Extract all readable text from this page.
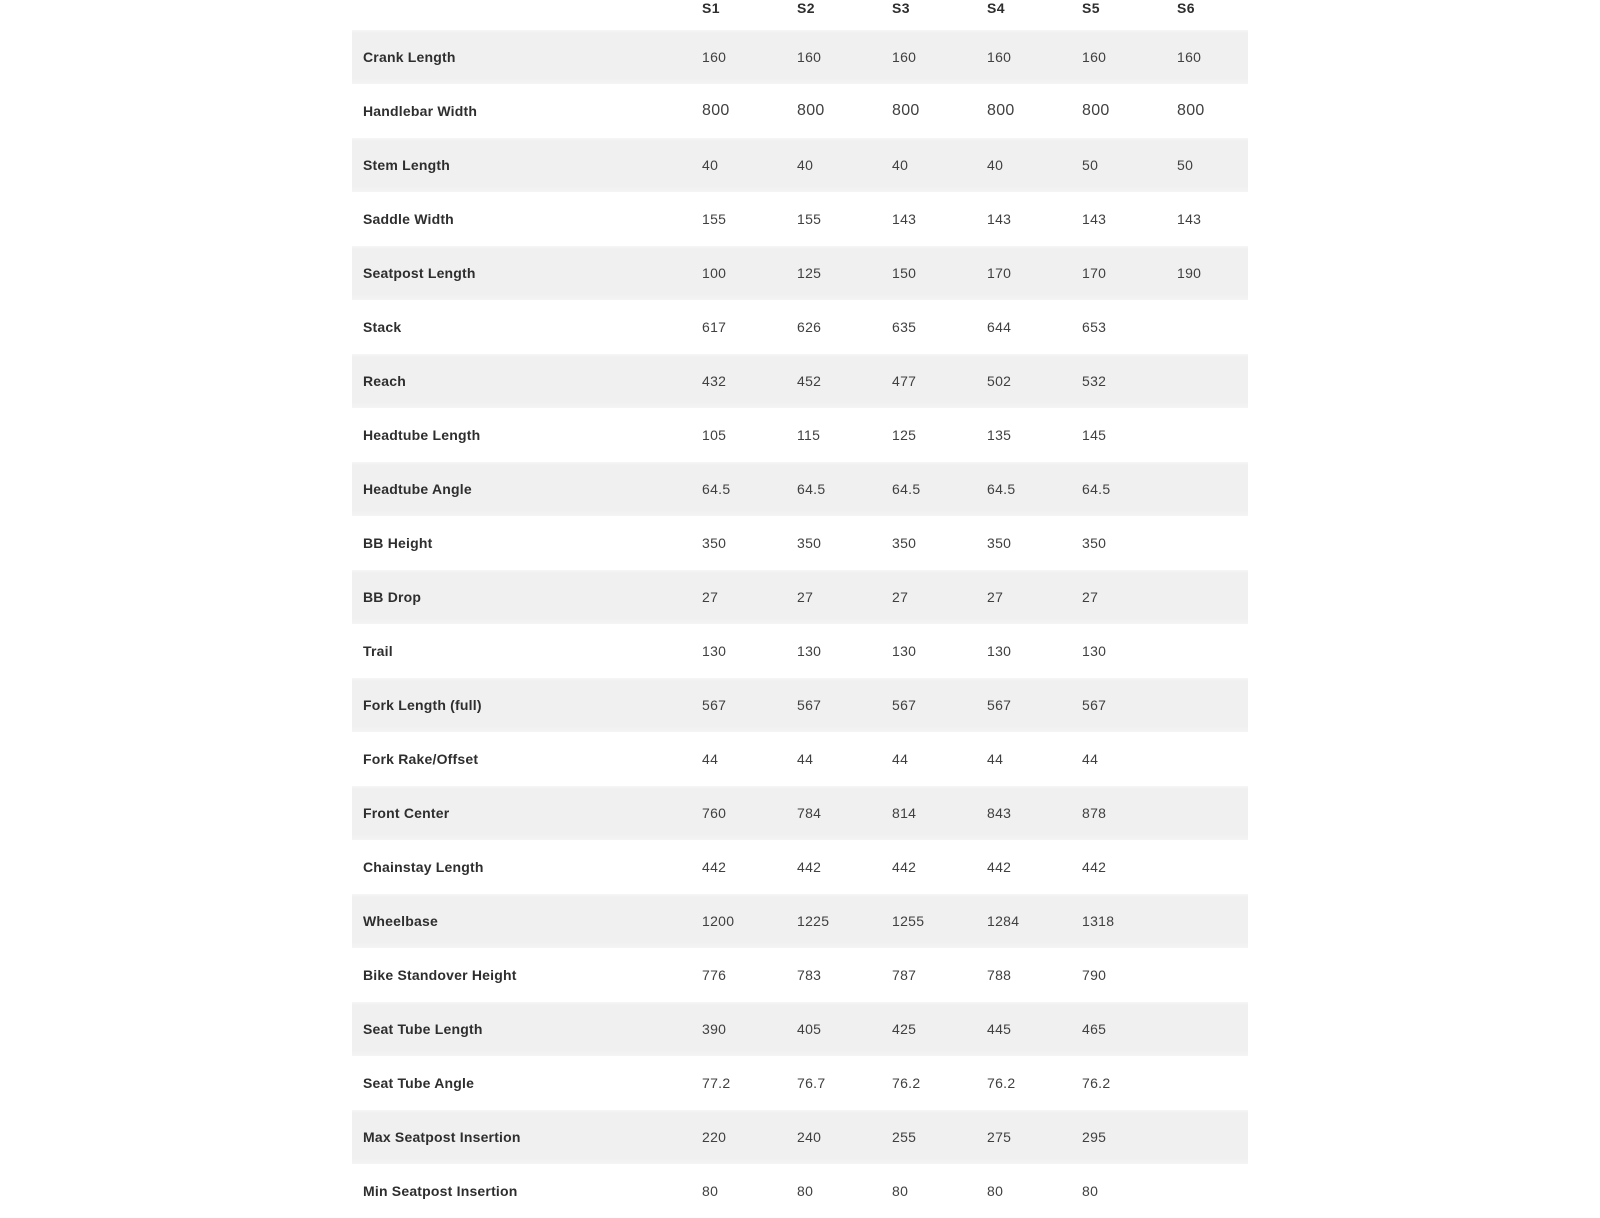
S1	S2	S3	S4	S5	S6
Crank Length	160	160	160	160	160	160
Handlebar Width	800	800	800	800	800	800
Stem Length	40	40	40	40	50	50
Saddle Width	155	155	143	143	143	143
Seatpost Length	100	125	150	170	170	190
Stack	617	626	635	644	653
Reach	432	452	477	502	532
Headtube Length	105	115	125	135	145
Headtube Angle	64.5	64.5	64.5	64.5	64.5
BB Height	350	350	350	350	350
BB Drop	27	27	27	27	27
Trail	130	130	130	130	130
Fork Length (full)	567	567	567	567	567
Fork Rake/Offset	44	44	44	44	44
Front Center	760	784	814	843	878
Chainstay Length	442	442	442	442	442
Wheelbase	1200	1225	1255	1284	1318
Bike Standover Height	776	783	787	788	790
Seat Tube Length	390	405	425	445	465
Seat Tube Angle	77.2	76.7	76.2	76.2	76.2
Max Seatpost Insertion	220	240	255	275	295
Min Seatpost Insertion	80	80	80	80	80
